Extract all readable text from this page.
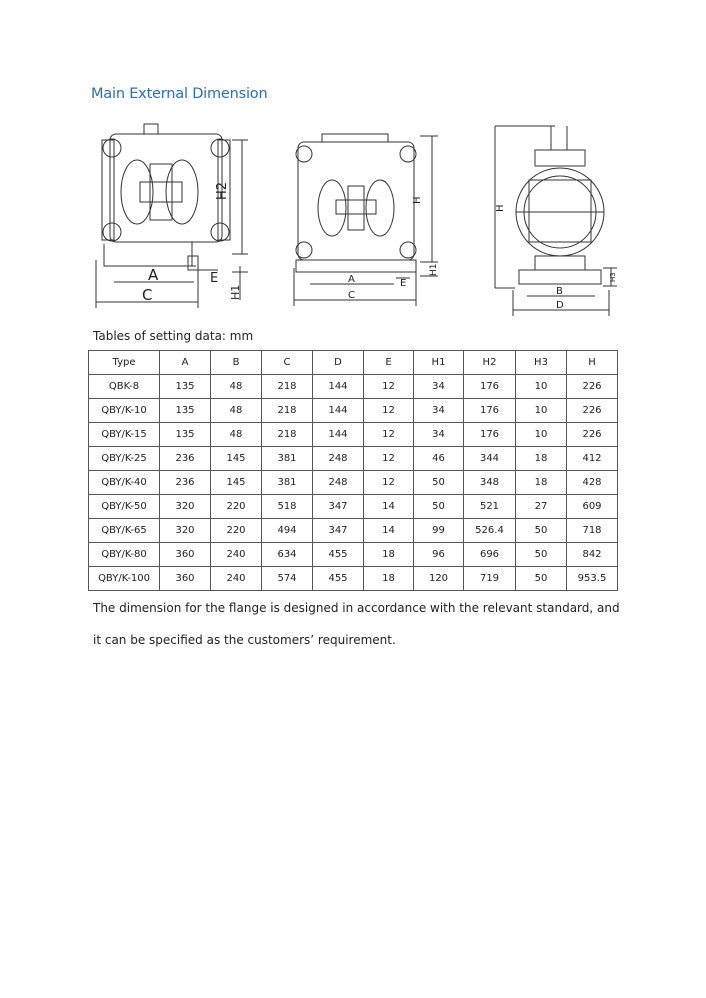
Main External Dimension
H2
A	E
C	H1
H
H1
A	E
C
H
H3
B
D
Tables of setting data: mm
Type	A	B	C	D	E	H1	H2	H3	H
QBK-8	135	48	218	144	12	34	176	10	226
QBY/K-10	135	48	218	144	12	34	176	10	226
QBY/K-15	135	48	218	144	12	34	176	10	226
QBY/K-25	236	145	381	248	12	46	344	18	412
QBY/K-40	236	145	381	248	12	50	348	18	428
QBY/K-50	320	220	518	347	14	50	521	27	609
QBY/K-65	320	220	494	347	14	99	526.4	50	718
QBY/K-80	360	240	634	455	18	96	696	50	842
QBY/K-100	360	240	574	455	18	120	719	50	953.5
The dimension for the flange is designed in accordance with the relevant standard, and
it can be specified as the customers’ requirement.
